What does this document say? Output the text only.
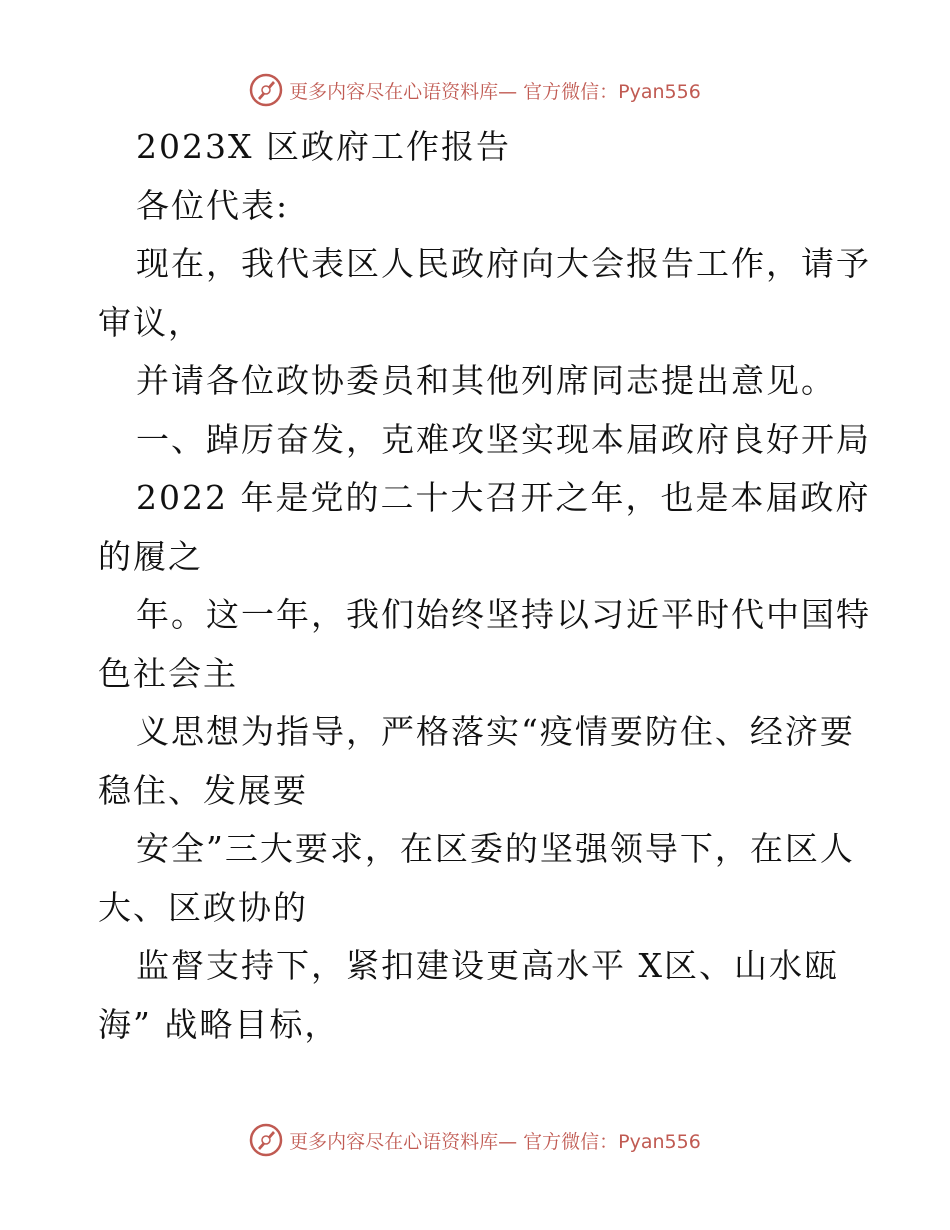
更多内容尽在心语资料库— 官方微信：Pyan556
2023X 区政府工作报告
各位代表:
现在，我代表区人民政府向大会报告工作，请予
审议，
并请各位政协委员和其他列席同志提出意见。
一、踔厉奋发，克难攻坚实现本届政府良好开局
2022 年是党的二十大召开之年，也是本届政府
的履之
年。这一年，我们始终坚持以习近平时代中国特
色社会主
义思想为指导，严格落实“疫情要防住、经济要
稳住、发展要
安全”三大要求，在区委的坚强领导下，在区人
大、区政协的
监督支持下，紧扣建设更高水平 X区、山水瓯
海” 战略目标，
更多内容尽在心语资料库— 官方微信：Pyan556
